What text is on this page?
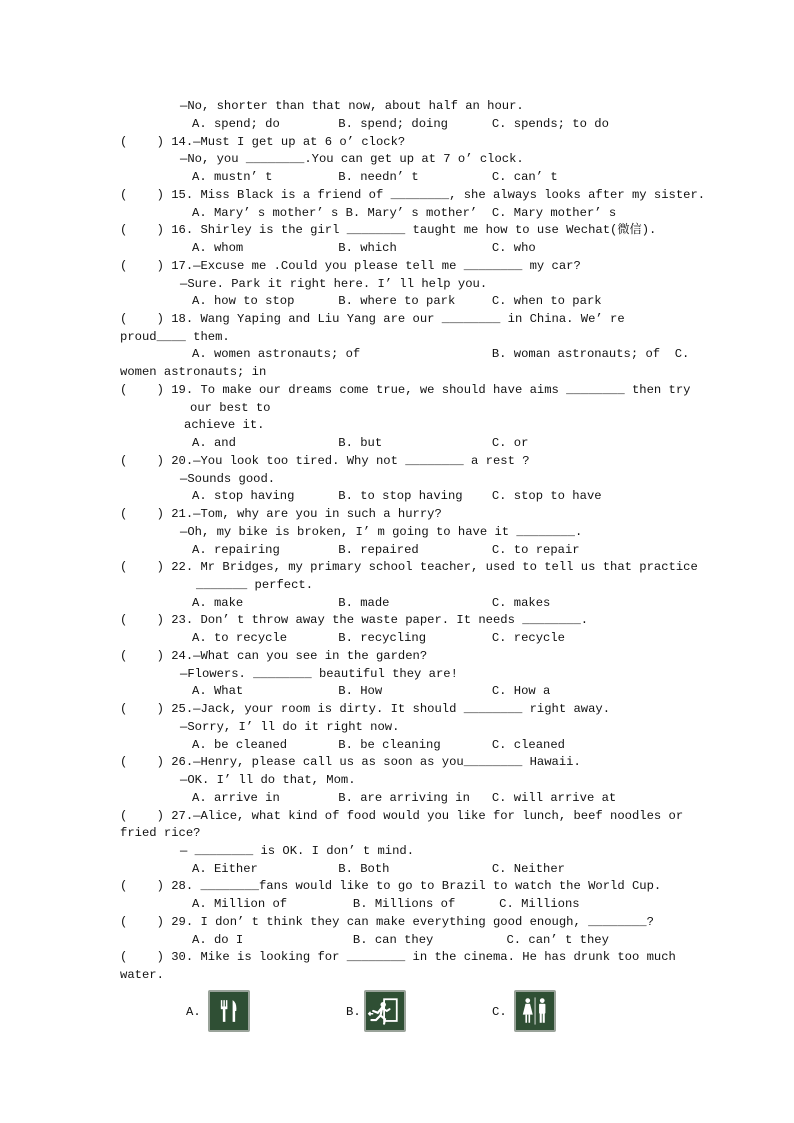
—No, shorter than that now, about half an hour.
A. spend; do        B. spend; doing      C. spends; to do
(    ) 14.—Must I get up at 6 o’ clock?
—No, you ________.You can get up at 7 o’ clock.
A. mustn’ t         B. needn’ t          C. can’ t
(    ) 15. Miss Black is a friend of ________, she always looks after my sister.
A. Mary’ s mother’ s B. Mary’ s mother’  C. Mary mother’ s
(    ) 16. Shirley is the girl ________ taught me how to use Wechat(微信).
A. whom             B. which             C. who
(    ) 17.—Excuse me .Could you please tell me ________ my car?
—Sure. Park it right here. I’ ll help you.
A. how to stop      B. where to park     C. when to park
(    ) 18. Wang Yaping and Liu Yang are our ________ in China. We’ re
proud____ them.
A. women astronauts; of                  B. woman astronauts; of  C.
women astronauts; in
(    ) 19. To make our dreams come true, we should have aims ________ then try
our best to
achieve it.
A. and              B. but               C. or
(    ) 20.—You look too tired. Why not ________ a rest ?
—Sounds good.
A. stop having      B. to stop having    C. stop to have
(    ) 21.—Tom, why are you in such a hurry?
—Oh, my bike is broken, I’ m going to have it ________.
A. repairing        B. repaired          C. to repair
(    ) 22. Mr Bridges, my primary school teacher, used to tell us that practice
_______ perfect.
A. make             B. made              C. makes
(    ) 23. Don’ t throw away the waste paper. It needs ________.
A. to recycle       B. recycling         C. recycle
(    ) 24.—What can you see in the garden?
—Flowers. ________ beautiful they are!
A. What             B. How               C. How a
(    ) 25.—Jack, your room is dirty. It should ________ right away.
—Sorry, I’ ll do it right now.
A. be cleaned       B. be cleaning       C. cleaned
(    ) 26.—Henry, please call us as soon as you________ Hawaii.
—OK. I’ ll do that, Mom.
A. arrive in        B. are arriving in   C. will arrive at
(    ) 27.—Alice, what kind of food would you like for lunch, beef noodles or
fried rice?
— ________ is OK. I don’ t mind.
A. Either           B. Both              C. Neither
(    ) 28. ________fans would like to go to Brazil to watch the World Cup.
A. Million of         B. Millions of      C. Millions
(    ) 29. I don’ t think they can make everything good enough, ________?
A. do I               B. can they          C. can’ t they
(    ) 30. Mike is looking for ________ in the cinema. He has drunk too much
water.
A.	B.	C.
